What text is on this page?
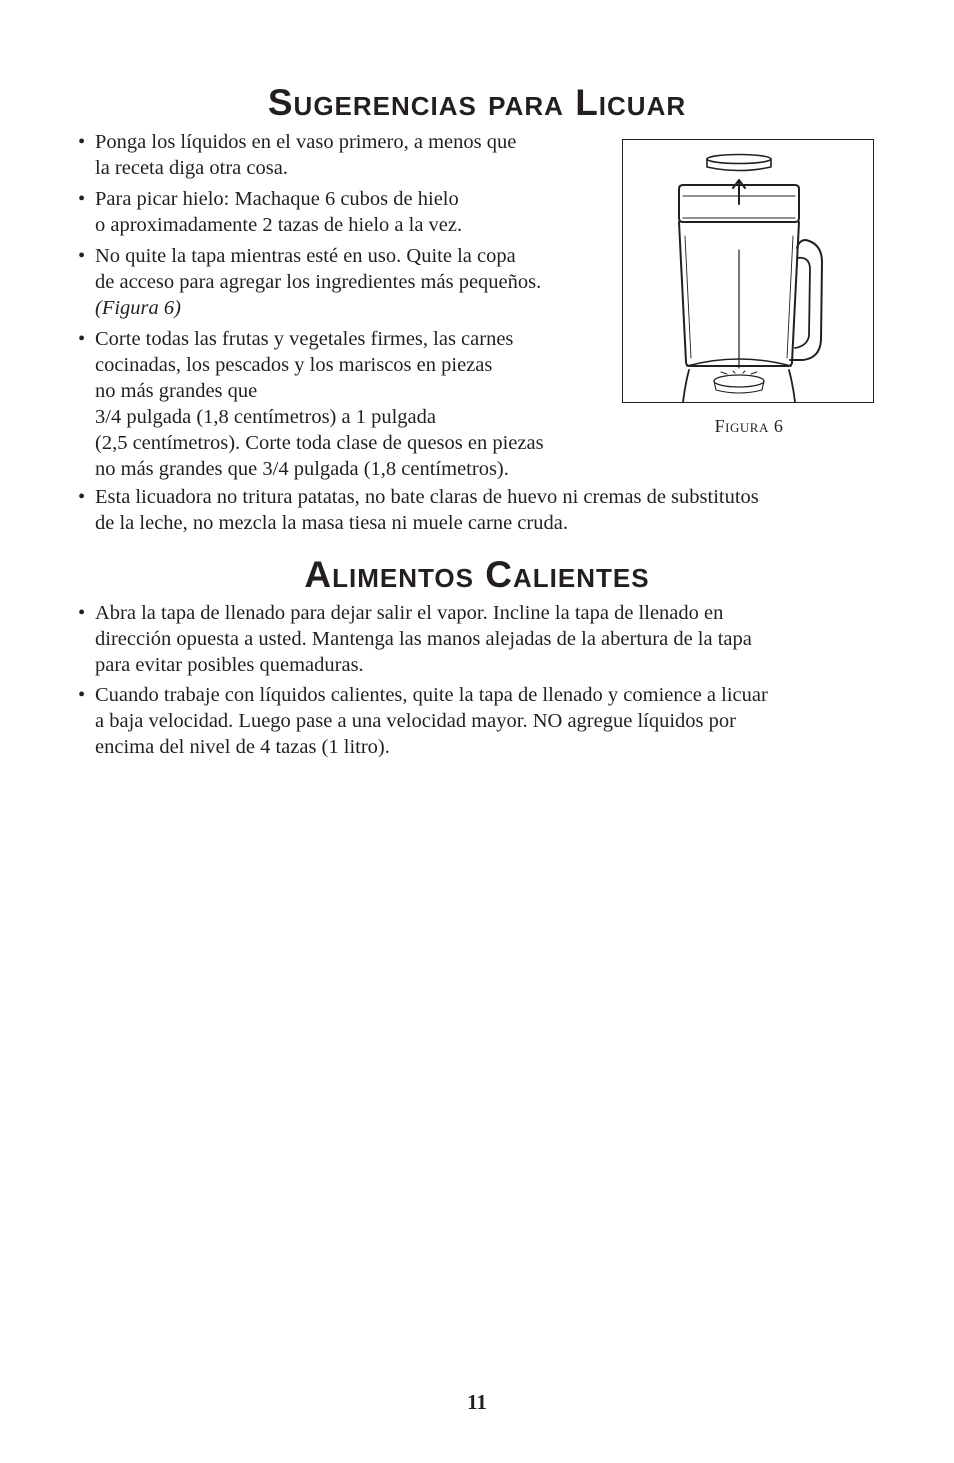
Sugerencias para Licuar
• Ponga los líquidos en el vaso primero, a menos que
la receta diga otra cosa.
• Para picar hielo: Machaque 6 cubos de hielo
o aproximadamente 2 tazas de hielo a la vez.
• No quite la tapa mientras esté en uso. Quite la copa
de acceso para agregar los ingredientes más pequeños.
(Figura 6)
• Corte todas las frutas y vegetales firmes, las carnes
cocinadas, los pescados y los mariscos en piezas
no más grandes que
3/4 pulgada (1,8 centímetros) a 1 pulgada
(2,5 centímetros). Corte toda clase de quesos en piezas
no más grandes que 3/4 pulgada (1,8 centímetros).
• Esta licuadora no tritura patatas, no bate claras de huevo ni cremas de substitutos
de la leche, no mezcla la masa tiesa ni muele carne cruda.
Figura 6
Alimentos Calientes
• Abra la tapa de llenado para dejar salir el vapor. Incline la tapa de llenado en
dirección opuesta a usted. Mantenga las manos alejadas de la abertura de la tapa
para evitar posibles quemaduras.
• Cuando trabaje con líquidos calientes, quite la tapa de llenado y comience a licuar
a baja velocidad. Luego pase a una velocidad mayor. NO agregue líquidos por
encima del nivel de 4 tazas (1 litro).
11
